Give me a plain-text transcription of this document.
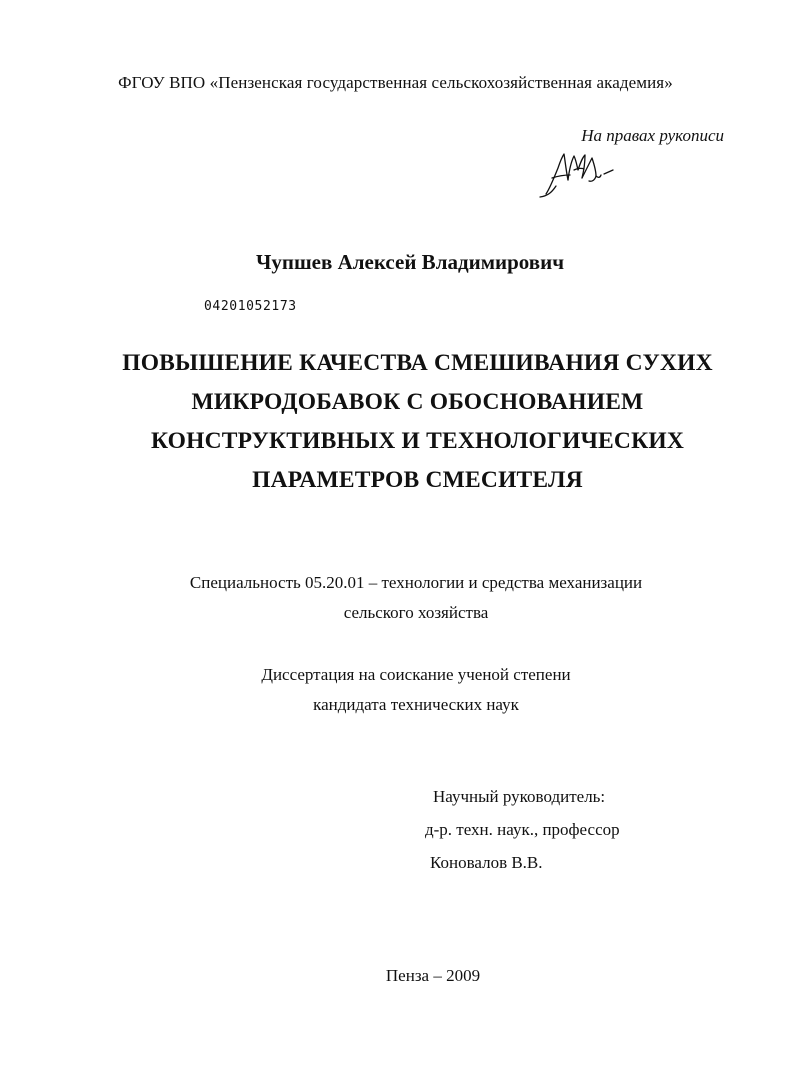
ФГОУ ВПО «Пензенская государственная сельскохозяйственная академия»
На правах рукописи
Чупшев Алексей Владимирович
04201052173
ПОВЫШЕНИЕ КАЧЕСТВА СМЕШИВАНИЯ СУХИХ
МИКРОДОБАВОК С ОБОСНОВАНИЕМ
КОНСТРУКТИВНЫХ И ТЕХНОЛОГИЧЕСКИХ
ПАРАМЕТРОВ СМЕСИТЕЛЯ
Специальность 05.20.01 – технологии и средства механизации
сельского хозяйства
Диссертация на соискание ученой степени
кандидата технических наук
Научный руководитель:
д-р. техн. наук., профессор
Коновалов В.В.
Пенза – 2009
